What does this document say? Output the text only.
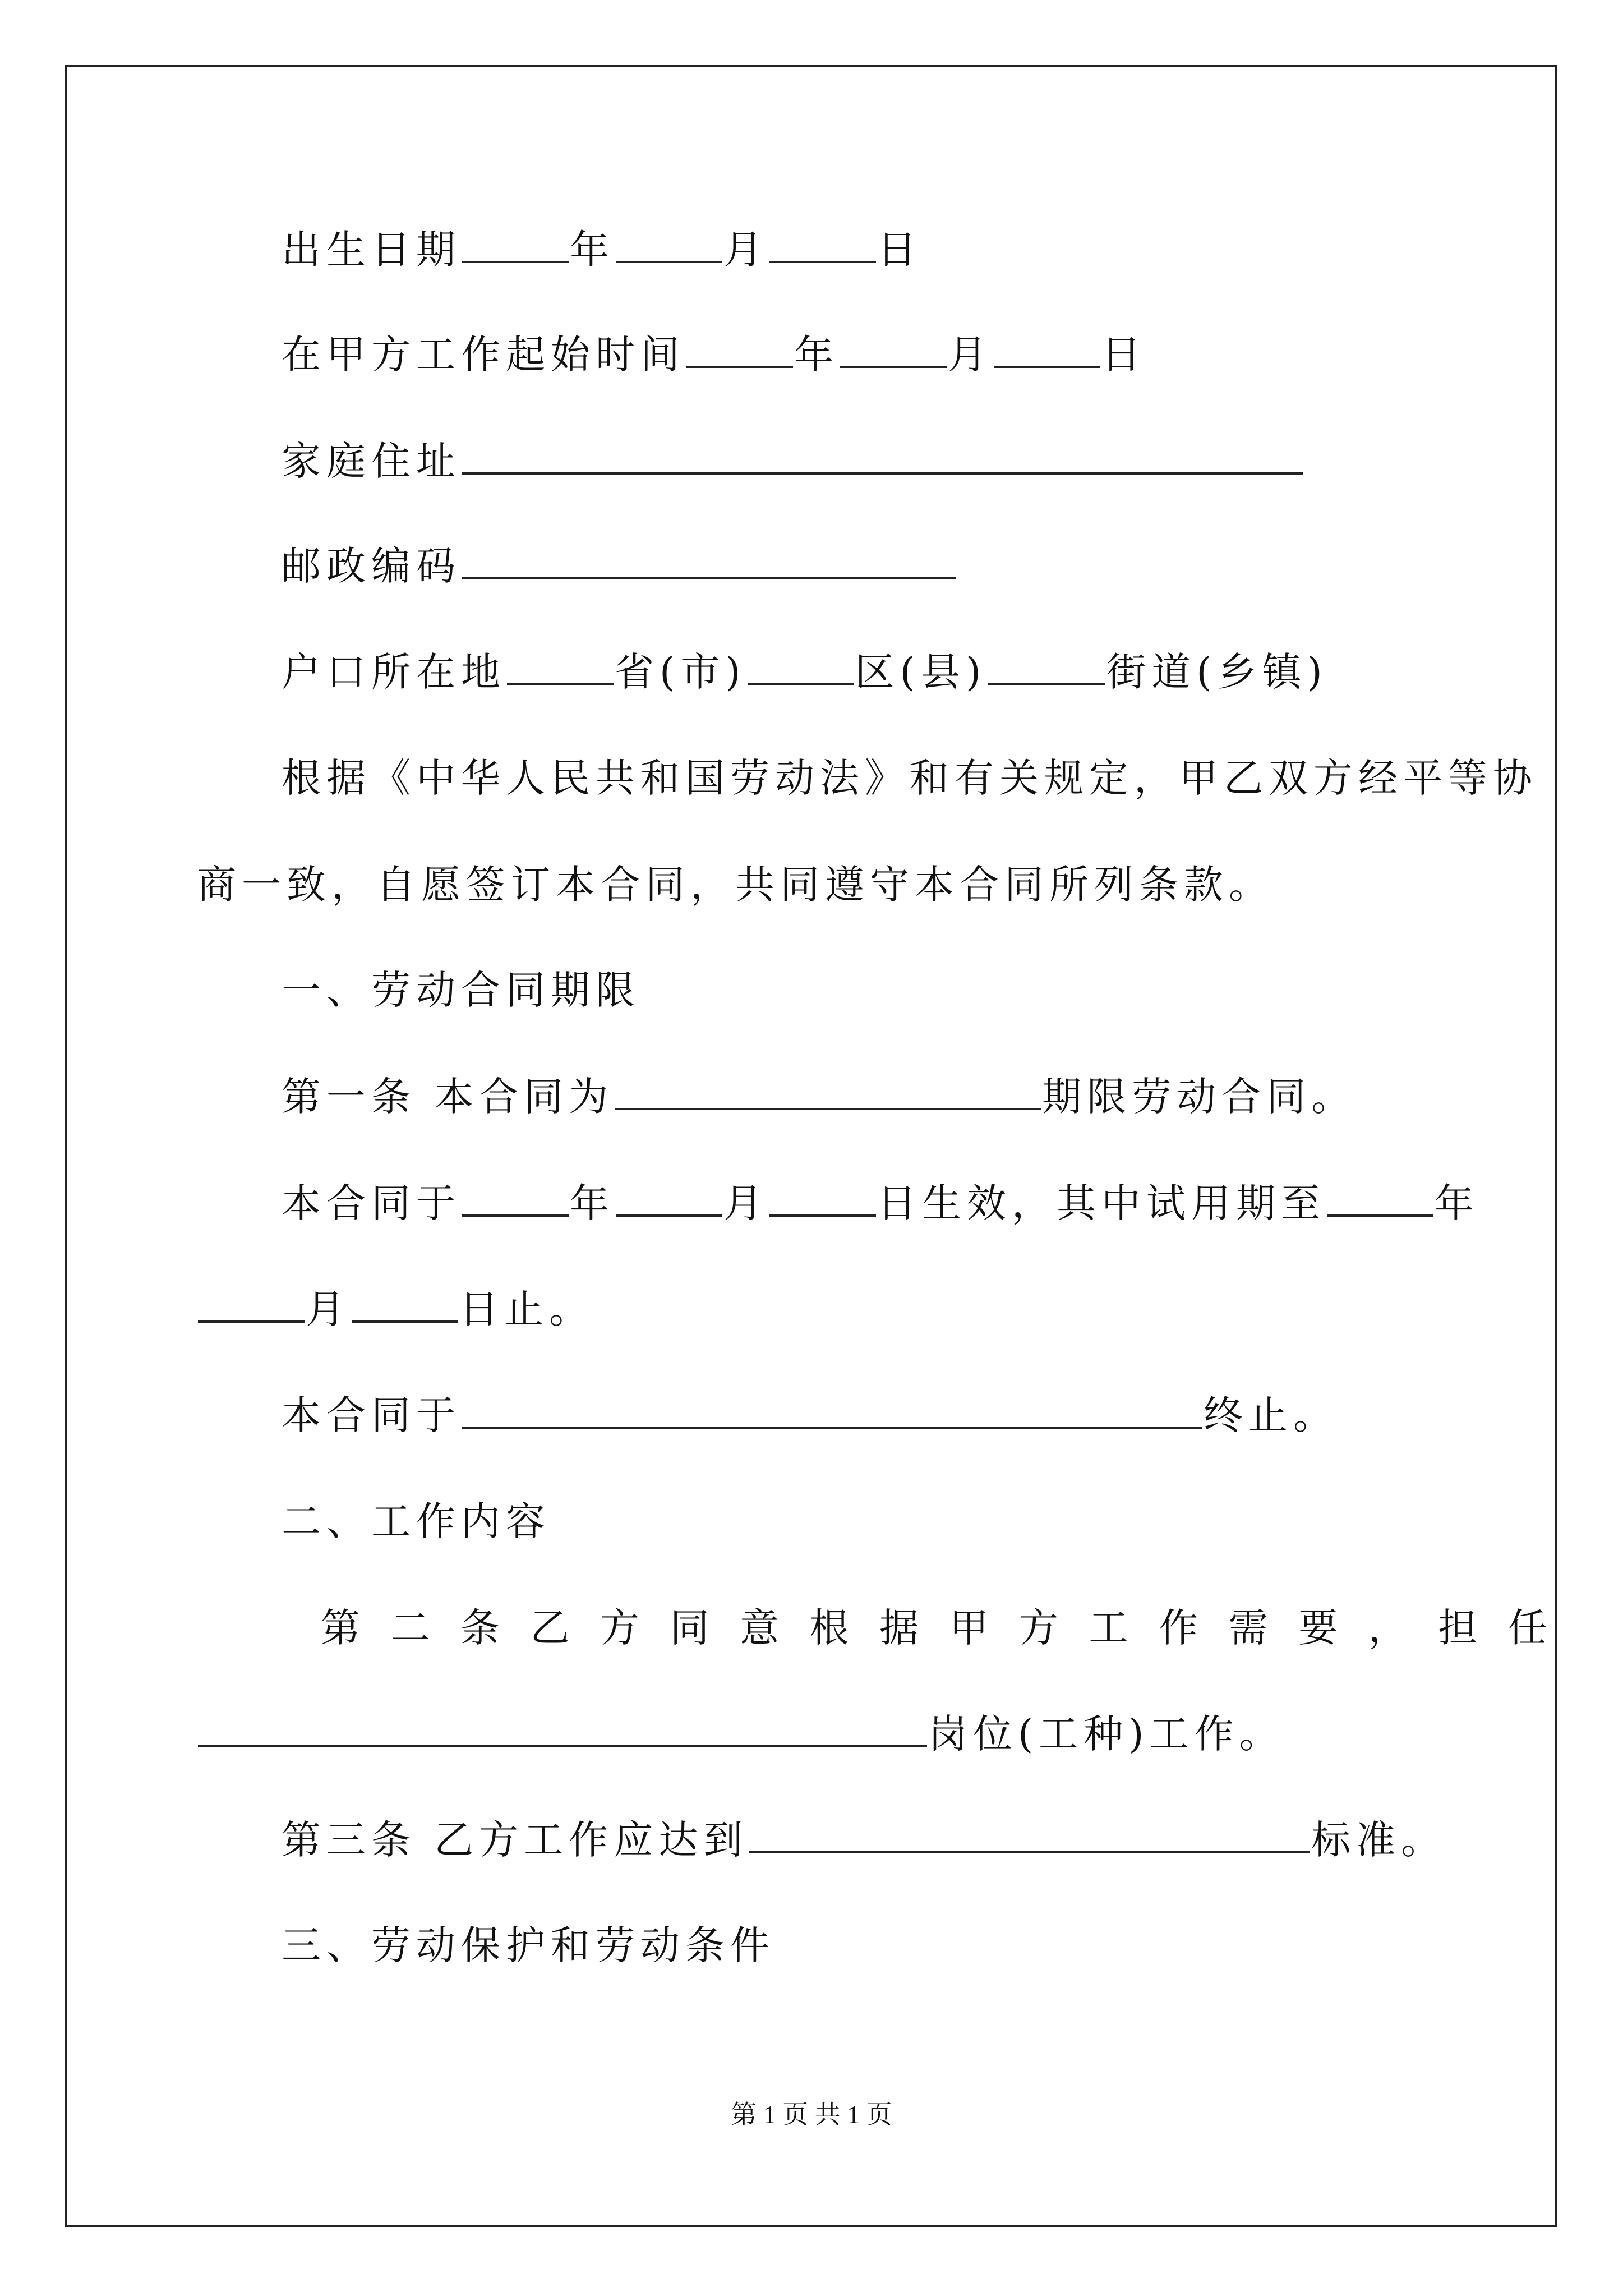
出生日期	年	月	日
在甲方工作起始时间	年	月	日
家庭住址
邮政编码
户口所在地	省(市)	区(县)	街道(乡镇)
根据《中华人民共和国劳动法》和有关规定，甲乙双方经平等协
商一致，自愿签订本合同，共同遵守本合同所列条款。
一、劳动合同期限
第一条 本合同为	期限劳动合同。
本合同于	年	月	日生效，其中试用期至	年
月	日止。
本合同于	终止。
二、工作内容
第 二 条 乙 方 同 意 根 据 甲 方 工 作 需 要 ， 担 任
岗位(工种)工作。
第三条 乙方工作应达到	标准。
三、劳动保护和劳动条件
第 1 页 共 1 页
